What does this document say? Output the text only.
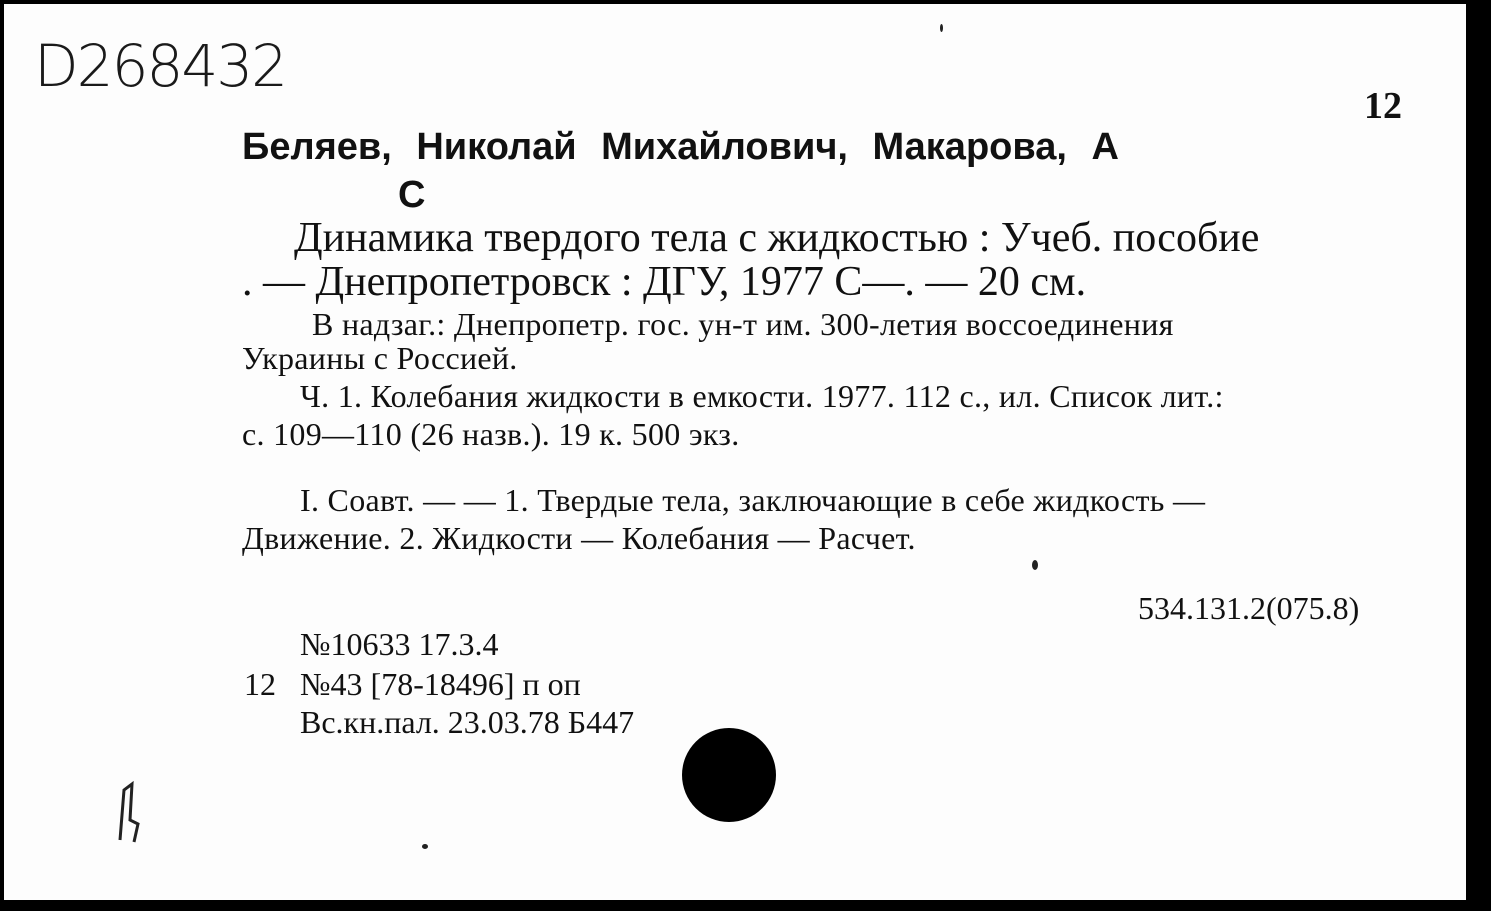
D268432
12
Беляев, Николай Михайлович, Макарова, А
С
Динамика твердого тела с жидкостью : Учеб. пособие
. — Днепропетровск : ДГУ, 1977 С—. — 20 см.
В надзаг.: Днепропетр. гос. ун-т им. 300-летия воссоединения
Украины с Россией.
Ч. 1. Колебания жидкости в емкости. 1977. 112 с., ил. Список лит.:
с. 109—110 (26 назв.). 19 к. 500 экз.
I. Соавт. — — 1. Твердые тела, заключающие в себе жидкость —
Движение. 2. Жидкости — Колебания — Расчет.
534.131.2(075.8)
№10633 17.3.4
12 №43 [78-18496] п оп
Вс.кн.пал. 23.03.78 Б447
